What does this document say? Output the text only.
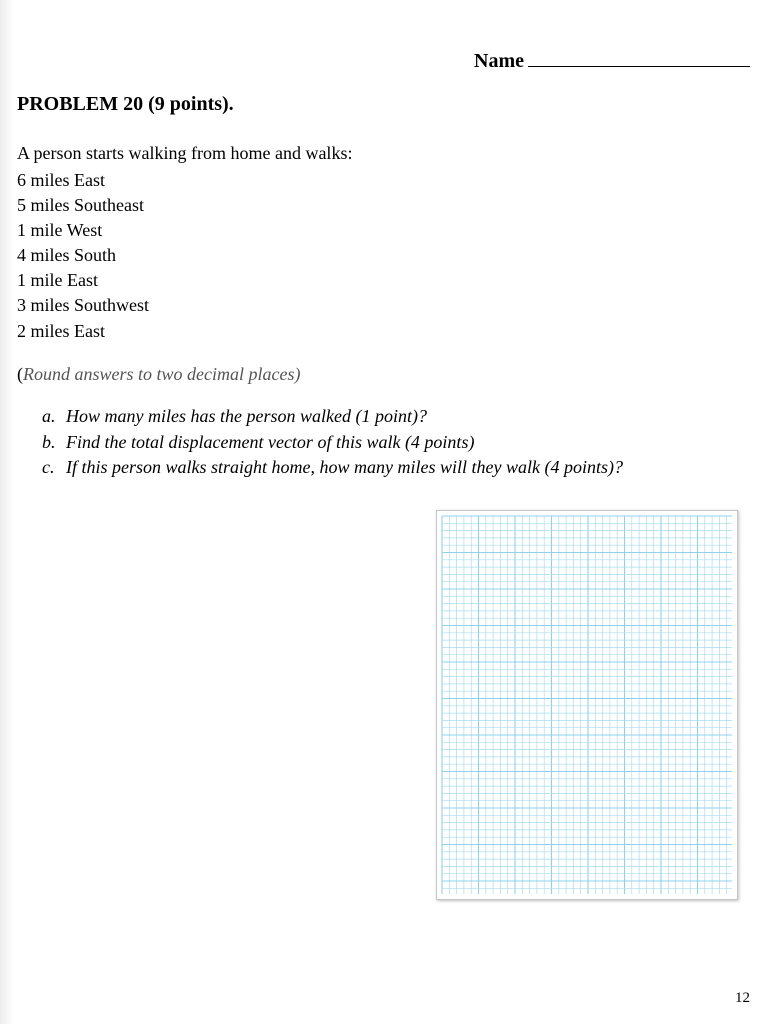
Name
PROBLEM 20 (9 points).

A person starts walking from home and walks:

6 miles East
5 miles Southeast
1 mile West
4 miles South
1 mile East
3 miles Southwest
2 miles East
(Round answers to two decimal places)
a. How many miles has the person walked (1 point)?
b. Find the total displacement vector of this walk (4 points)
c. If this person walks straight home, how many miles will they walk (4 points)?
12
